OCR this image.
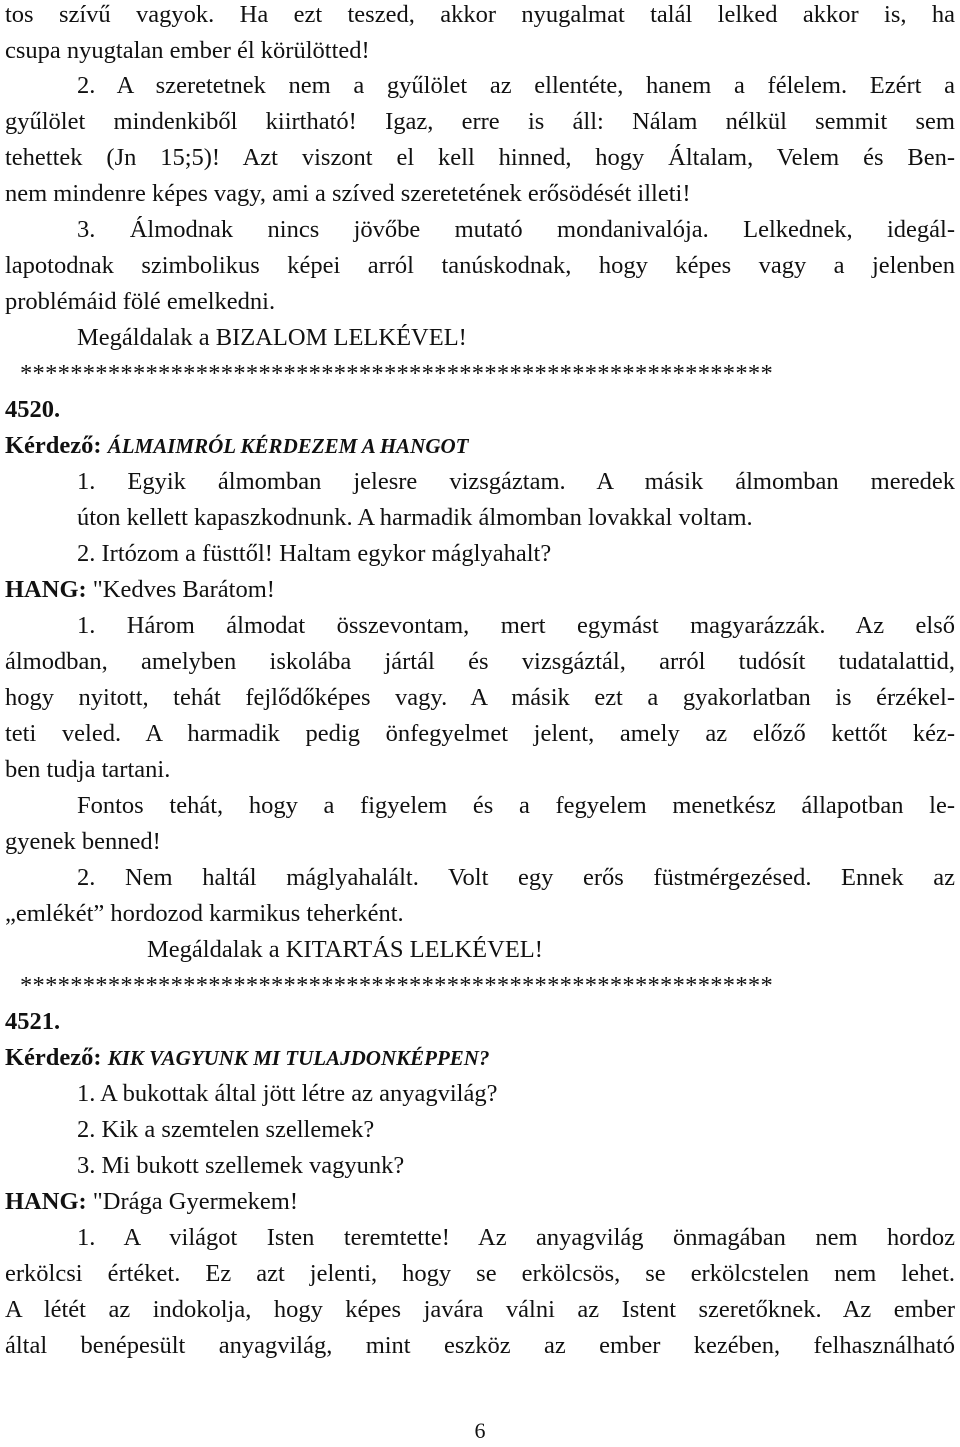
tos szívű vagyok. Ha ezt teszed, akkor nyugalmat talál lelked akkor is, ha
csupa nyugtalan ember él körülötted!
2. A szeretetnek nem a gyűlölet az ellentéte, hanem a félelem. Ezért a
gyűlölet mindenkiből kiirtható! Igaz, erre is áll: Nálam nélkül semmit sem
tehettek (Jn 15;5)! Azt viszont el kell hinned, hogy Általam, Velem és Ben-
nem mindenre képes vagy, ami a szíved szeretetének erősödését illeti!
3. Álmodnak nincs jövőbe mutató mondanivalója. Lelkednek, idegál-
lapotodnak szimbolikus képei arról tanúskodnak, hogy képes vagy a jelenben
problémáid fölé emelkedni.
Megáldalak a BIZALOM LELKÉVEL!
************************************************************
4520.
Kérdező: ÁLMAIMRÓL KÉRDEZEM A HANGOT
1. Egyik álmomban jelesre vizsgáztam. A másik álmomban meredek
úton kellett kapaszkodnunk. A harmadik álmomban lovakkal voltam.
2. Irtózom a füsttől! Haltam egykor máglyahalt?
HANG: "Kedves Barátom!
1. Három álmodat összevontam, mert egymást magyarázzák. Az első
álmodban, amelyben iskolába jártál és vizsgáztál, arról tudósít tudatalattid,
hogy nyitott, tehát fejlődőképes vagy. A másik ezt a gyakorlatban is érzékel-
teti veled. A harmadik pedig önfegyelmet jelent, amely az előző kettőt kéz-
ben tudja tartani.
Fontos tehát, hogy a figyelem és a fegyelem menetkész állapotban le-
gyenek benned!
2. Nem haltál máglyahalált. Volt egy erős füstmérgezésed. Ennek az
„emlékét” hordozod karmikus teherként.
Megáldalak a KITARTÁS LELKÉVEL!
************************************************************
4521.
Kérdező: KIK VAGYUNK MI TULAJDONKÉPPEN?
1. A bukottak által jött létre az anyagvilág?
2. Kik a szemtelen szellemek?
3. Mi bukott szellemek vagyunk?
HANG: "Drága Gyermekem!
1. A világot Isten teremtette! Az anyagvilág önmagában nem hordoz
erkölcsi értéket. Ez azt jelenti, hogy se erkölcsös, se erkölcstelen nem lehet.
A létét az indokolja, hogy képes javára válni az Istent szeretőknek. Az ember
által benépesült anyagvilág, mint eszköz az ember kezében, felhasználható
6
